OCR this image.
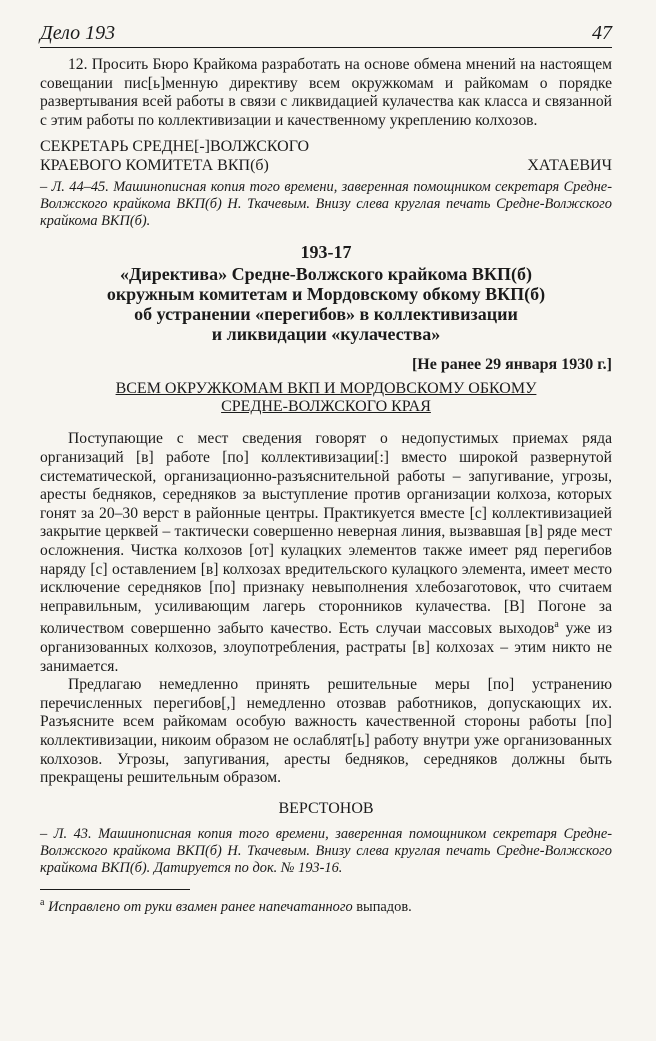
Дело 193	47

12. Просить Бюро Крайкома разработать на основе обмена мнений на настоящем совещании пис[ь]менную директиву всем окружкомам и райкомам о порядке развертывания всей работы в связи с ликвидацией кулачества как класса и связанной с этим работы по коллективизации и качественному укреплению колхозов.

СЕКРЕТАРЬ СРЕДНЕ[-]ВОЛЖСКОГО
КРАЕВОГО КОМИТЕТА ВКП(б)	ХАТАЕВИЧ

– Л. 44–45. Машинописная копия того времени, заверенная помощником секретаря Средне-Волжского крайкома ВКП(б) Н. Ткачевым. Внизу слева круглая печать Средне-Волжского крайкома ВКП(б).

193-17
«Директива» Средне-Волжского крайкома ВКП(б)
окружным комитетам и Мордовскому обкому ВКП(б)
об устранении «перегибов» в коллективизации
и ликвидации «кулачества»
[Не ранее 29 января 1930 г.]
ВСЕМ ОКРУЖКОМАМ ВКП И МОРДОВСКОМУ ОБКОМУ
СРЕДНЕ-ВОЛЖСКОГО КРАЯ

Поступающие с мест сведения говорят о недопустимых приемах ряда организаций [в] работе [по] коллективизации[:] вместо широкой развернутой систематической, организационно-разъяснительной работы – запугивание, угрозы, аресты бедняков, середняков за выступление против организации колхоза, которых гонят за 20–30 верст в районные центры. Практикуется вместе [с] коллективизацией закрытие церквей – тактически совершенно неверная линия, вызвавшая [в] ряде мест осложнения. Чистка колхозов [от] кулацких элементов также имеет ряд перегибов наряду [с] оставлением [в] колхозах вредительского кулацкого элемента, имеет место исключение середняков [по] признаку невыполнения хлебозаготовок, что считаем неправильным, усиливающим лагерь сторонников кулачества. [В] Погоне за количеством совершенно забыто качество. Есть случаи массовых выходов$^a$ уже из организованных колхозов, злоупотребления, растраты [в] колхозах – этим никто не занимается.

Предлагаю немедленно принять решительные меры [по] устранению перечисленных перегибов[,] немедленно отозвав работников, допускающих их. Разъясните всем райкомам особую важность качественной стороны работы [по] коллективизации, никоим образом не ослаблят[ь] работу внутри уже организованных колхозов. Угрозы, запугивания, аресты бедняков, середняков должны быть прекращены решительным образом.

ВЕРСТОНОВ

– Л. 43. Машинописная копия того времени, заверенная помощником секретаря Средне-Волжского крайкома ВКП(б) Н. Ткачевым. Внизу слева круглая печать Средне-Волжского крайкома ВКП(б). Датируется по док. № 193-16.

$^а$ Исправлено от руки взамен ранее напечатанного выпадов.
